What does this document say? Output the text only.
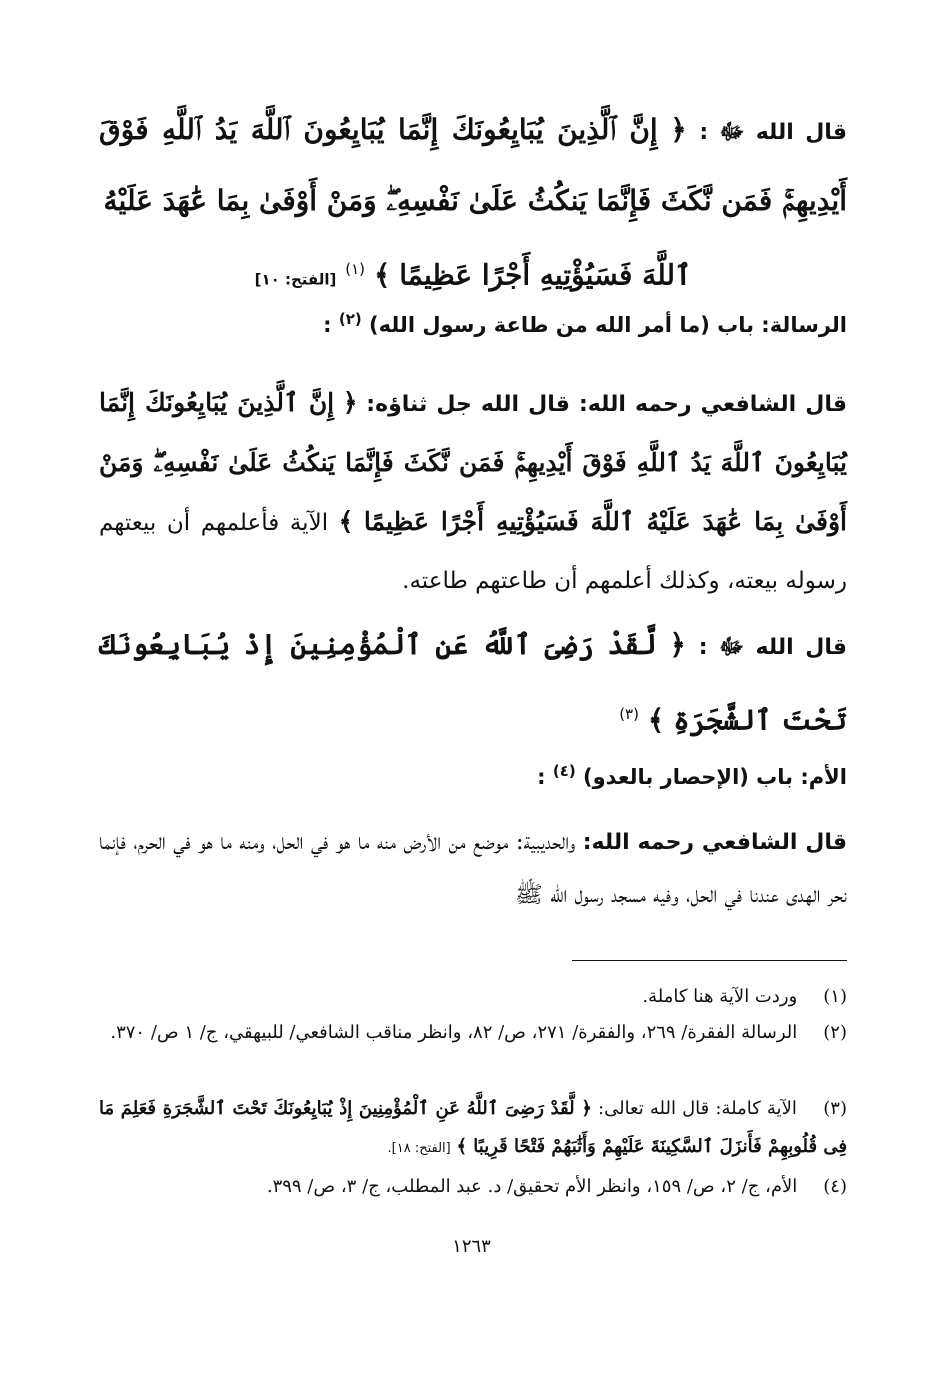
قال الله ﷻ : ﴿ إِنَّ ٱلَّذِينَ يُبَايِعُونَكَ إِنَّمَا يُبَايِعُونَ ٱللَّهَ يَدُ ٱللَّهِ فَوْقَ أَيْدِيهِمْۚ فَمَن نَّكَثَ فَإِنَّمَا يَنكُثُ عَلَىٰ نَفْسِهِۦۖ وَمَنْ أَوْفَىٰ بِمَا عَٰهَدَ عَلَيْهُ
ٱللَّهَ فَسَيُؤْتِيهِ أَجْرًا عَظِيمًا ﴾ $^{(١)}$ [الفتح: ١٠]
الرسالة: باب (ما أمر الله من طاعة رسول الله) $^{(٢)}$ :
قال الشافعي رحمه الله: قال الله جل ثناؤه: ﴿ إِنَّ ٱلَّذِينَ يُبَايِعُونَكَ إِنَّمَا يُبَايِعُونَ ٱللَّهَ يَدُ ٱللَّهِ فَوْقَ أَيْدِيهِمْۚ فَمَن نَّكَثَ فَإِنَّمَا يَنكُثُ عَلَىٰ نَفْسِهِۦۖ وَمَنْ أَوْفَىٰ بِمَا عَٰهَدَ عَلَيْهُ ٱللَّهَ فَسَيُؤْتِيهِ أَجْرًا عَظِيمًا ﴾ الآية فأعلمهم أن بيعتهم رسوله بيعته، وكذلك أعلمهم أن طاعتهم طاعته.
قال الله ﷻ : ﴿ لَّقَدْ رَضِىَ ٱللَّهُ عَنِ ٱلْمُؤْمِنِينَ إِذْ يُبَايِعُونَكَ تَحْتَ ٱلشَّجَرَةِ ﴾ $^{(٣)}$
الأم: باب (الإحصار بالعدو) $^{(٤)}$ :
قال الشافعي رحمه الله: والحديبية: موضع من الأرض منه ما هو في الحل، ومنه ما هو في الحرم، فإنما نحر الهدى عندنا في الحل، وفيه مسجد رسول الله ﷺ
(١) وردت الآية هنا كاملة.
(٢) الرسالة الفقرة/ ٢٦٩، والفقرة/ ٢٧١، ص/ ٨٢، وانظر مناقب الشافعي/ للبيهقي، ج/ ١ ص/ ٣٧٠.
(٣) الآية كاملة: قال الله تعالى: ﴿ لَّقَدْ رَضِىَ ٱللَّهُ عَنِ ٱلْمُؤْمِنِينَ إِذْ يُبَايِعُونَكَ تَحْتَ ٱلشَّجَرَةِ فَعَلِمَ مَا فِى قُلُوبِهِمْ فَأَنزَلَ ٱلسَّكِينَةَ عَلَيْهِمْ وَأَثَٰبَهُمْ فَتْحًا قَرِيبًا ﴾ [الفتح: ١٨].
(٤) الأم، ج/ ٢، ص/ ١٥٩، وانظر الأم تحقيق/ د. عبد المطلب، ج/ ٣، ص/ ٣٩٩.
١٢٦٣
